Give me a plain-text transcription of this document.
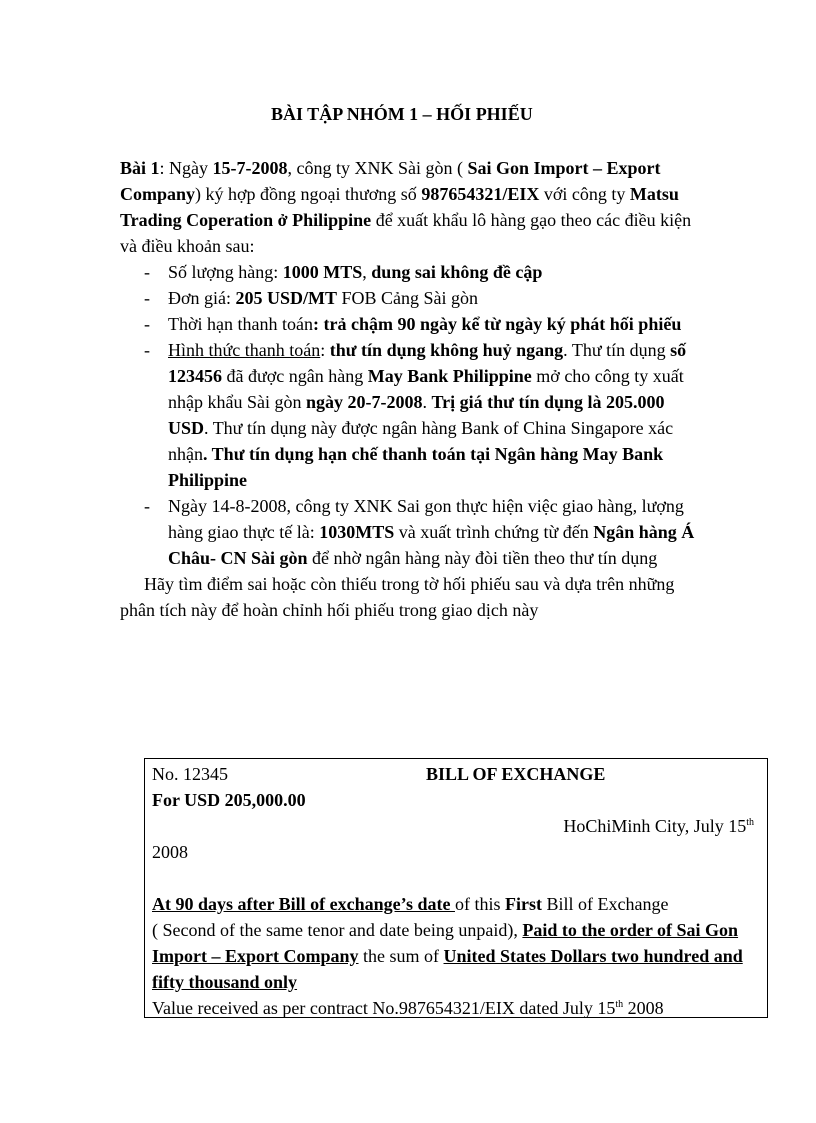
BÀI TẬP NHÓM 1 – HỐI PHIẾU

Bài 1: Ngày 15-7-2008, công ty XNK Sài gòn ( Sai Gon Import – Export Company) ký hợp đồng ngoại thương số 987654321/EIX với công ty Matsu Trading Coperation ở Philippine để xuất khẩu lô hàng gạo theo các điều kiện và điều khoản sau:

- Số lượng hàng: 1000 MTS, dung sai không đề cập
- Đơn giá: 205 USD/MT FOB Cảng Sài gòn
- Thời hạn thanh toán: trả chậm 90 ngày kể từ ngày ký phát hối phiếu
- Hình thức thanh toán: thư tín dụng không huỷ ngang. Thư tín dụng số 123456 đã được ngân hàng May Bank Philippine mở cho công ty xuất nhập khẩu Sài gòn ngày 20-7-2008. Trị giá thư tín dụng là 205.000 USD. Thư tín dụng này được ngân hàng Bank of China Singapore xác nhận. Thư tín dụng hạn chế thanh toán tại Ngân hàng May Bank Philippine
- Ngày 14-8-2008, công ty XNK Sai gon thực hiện việc giao hàng, lượng hàng giao thực tế là: 1030MTS và xuất trình chứng từ đến Ngân hàng Á Châu- CN Sài gòn để nhờ ngân hàng này đòi tiền theo thư tín dụng

Hãy tìm điểm sai hoặc còn thiếu trong tờ hối phiếu sau và dựa trên những phân tích này để hoàn chỉnh hối phiếu trong giao dịch này

No. 12345	BILL OF EXCHANGE
For USD 205,000.00
HoChiMinh City, July 15th
2008
At 90 days after Bill of exchange’s date of this First Bill of Exchange
( Second of the same tenor and date being unpaid), Paid to the order of Sai Gon Import – Export Company the sum of United States Dollars two hundred and fifty thousand only
Value received as per contract No.987654321/EIX dated July 15th 2008
